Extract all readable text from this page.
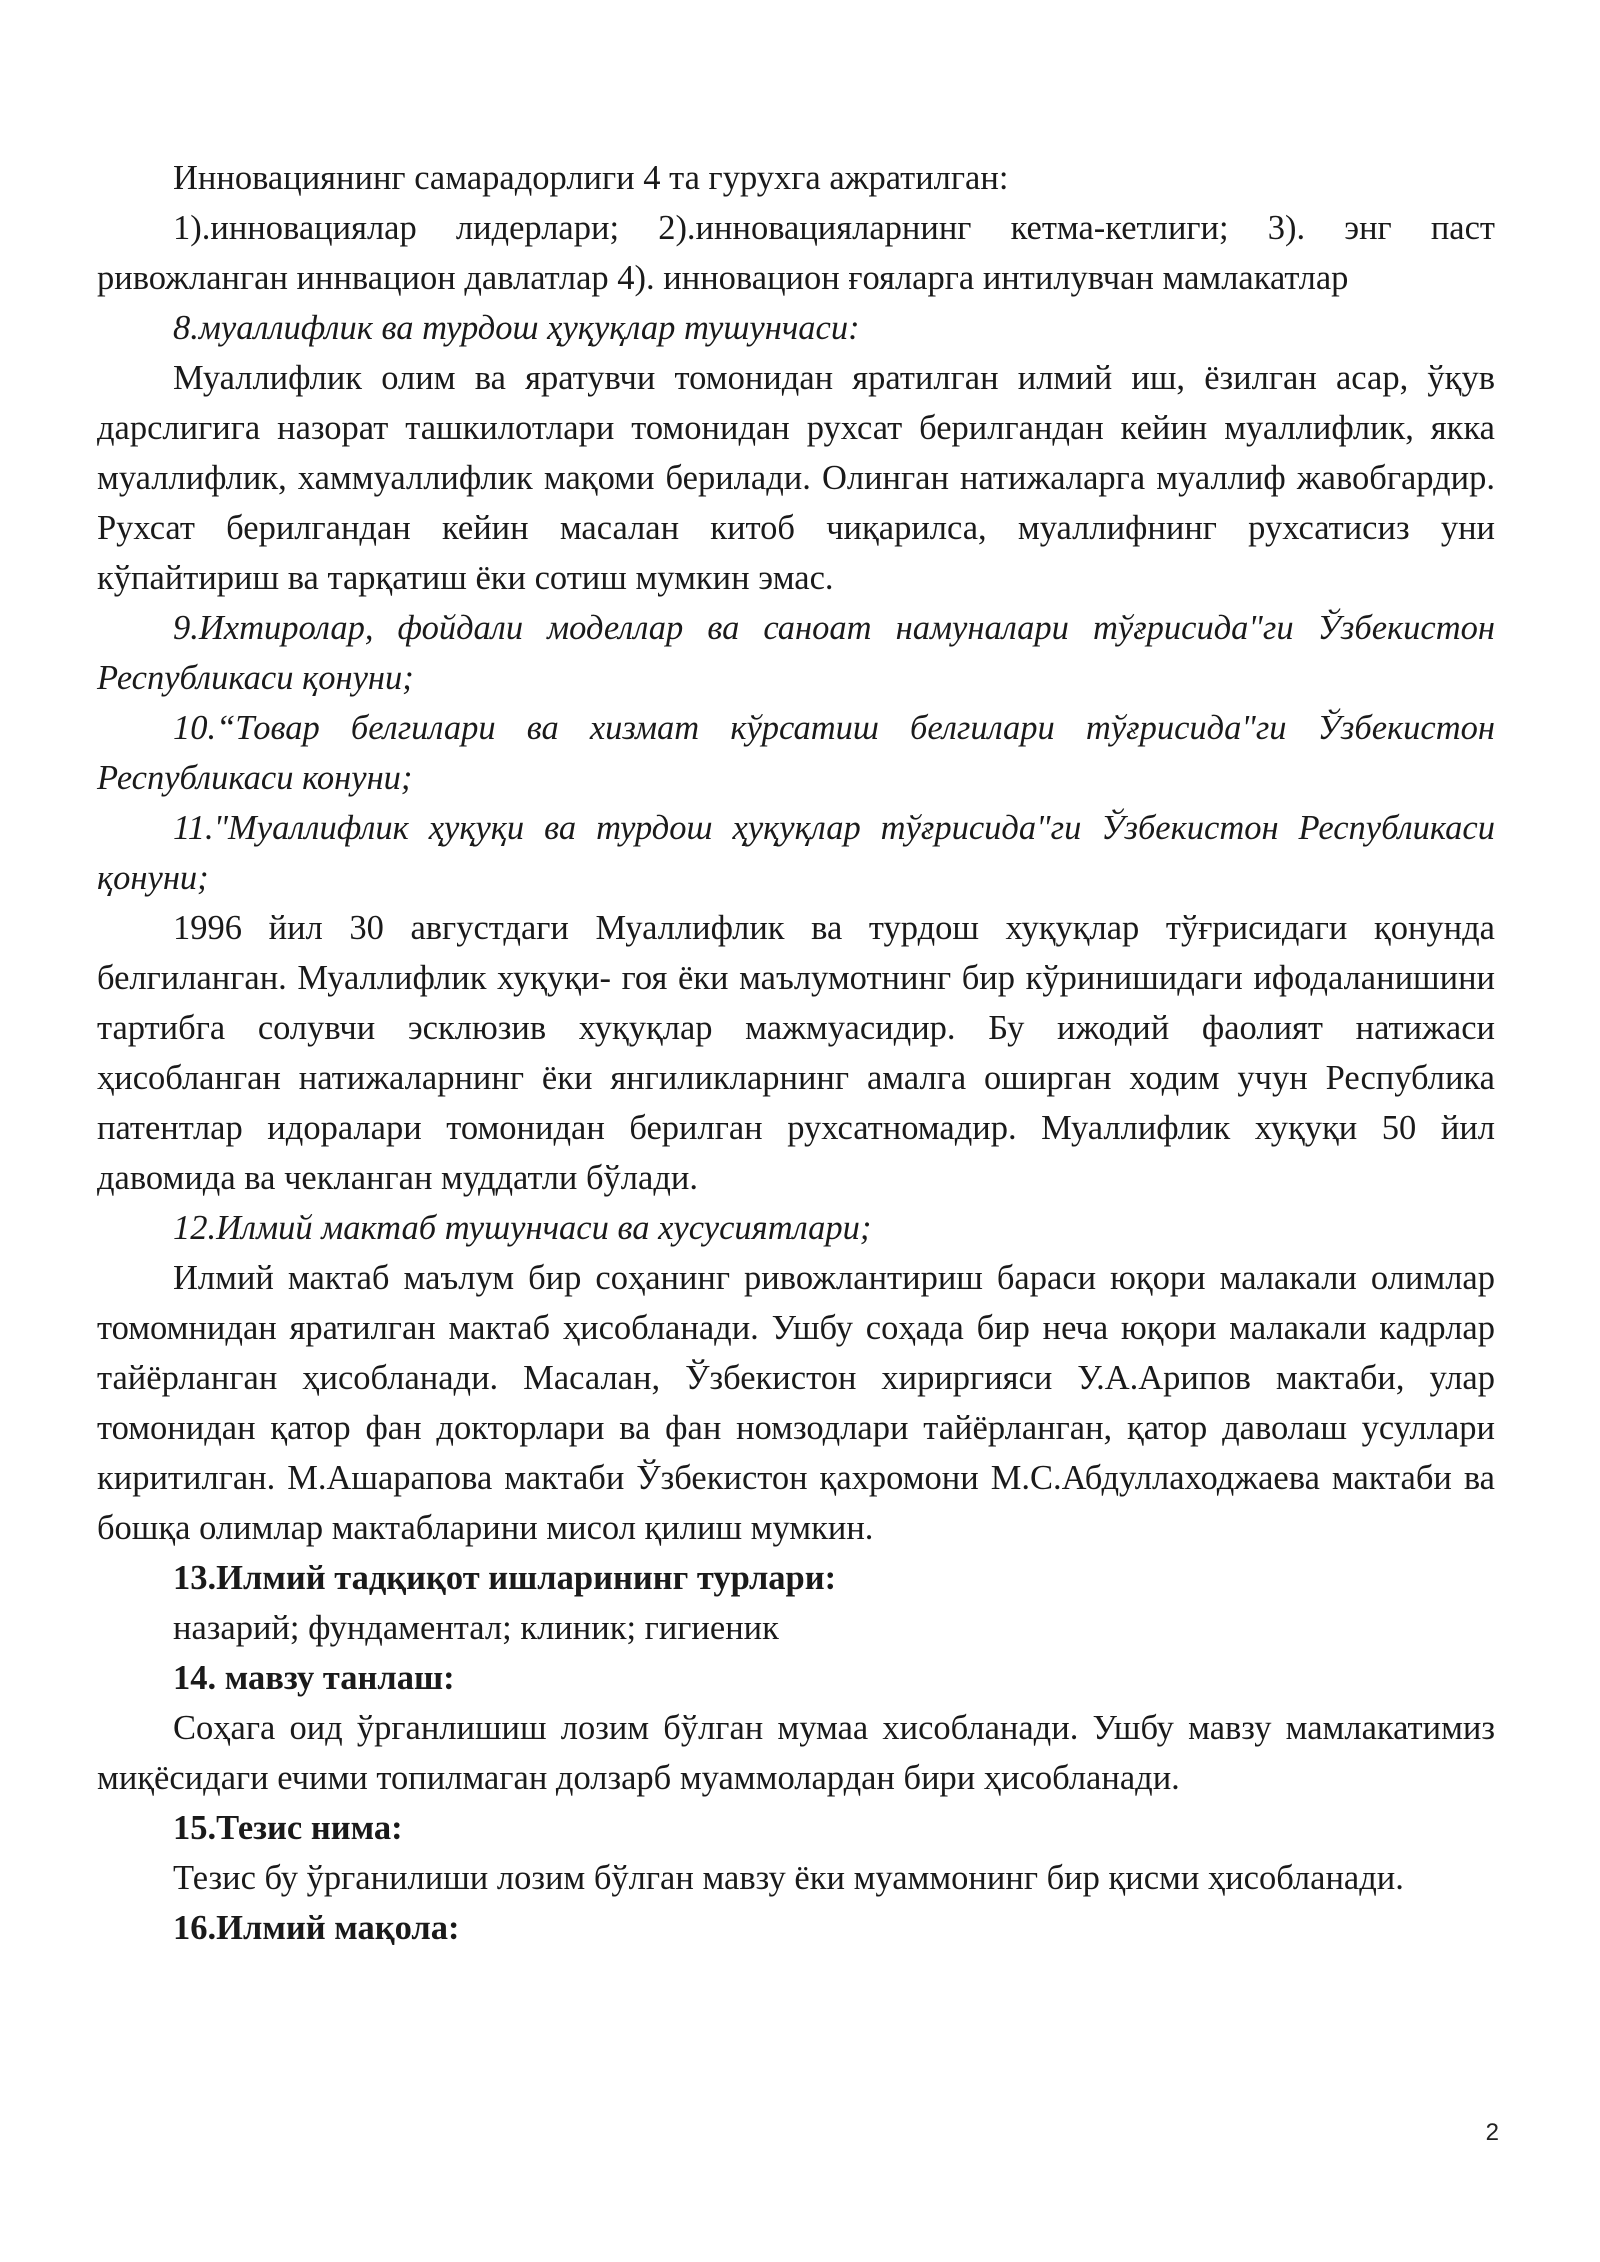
Инновациянинг самарадорлиги 4 та гурухга ажратилган:

1).инновациялар лидерлари; 2).инновацияларнинг кетма-кетлиги; 3). энг паст ривожланган иннвацион давлатлар 4). инновацион ғояларга интилувчан мамлакатлар

8.муаллифлик ва турдош ҳуқуқлар тушунчаси:

Муаллифлик олим ва яратувчи томонидан яратилган илмий иш, ёзилган асар, ўқув дарслигига назорат ташкилотлари томонидан рухсат берилгандан кейин муаллифлик, якка муаллифлик, хаммуаллифлик мақоми берилади. Олинган натижаларга муаллиф жавобгардир. Рухсат берилгандан кейин масалан китоб чиқарилса, муаллифнинг рухсатисиз уни кўпайтириш ва тарқатиш ёки сотиш мумкин эмас.

9.Ихтиролар, фойдали моделлар ва саноат намуналари тўғрисида"ги Ўзбекистон Республикаси қонуни;

10.“Товар белгилари ва хизмат кўрсатиш белгилари тўғрисида"ги Ўзбекистон Республикаси конуни;

11."Муаллифлик ҳуқуқи ва турдош ҳуқуқлар тўғрисида"ги Ўзбекистон Республикаси қонуни;

1996 йил 30 августдаги Муаллифлик ва турдош хуқуқлар тўғрисидаги қонунда белгиланган. Муаллифлик хуқуқи- гоя ёки маълумотнинг бир кўринишидаги ифодаланишини тартибга солувчи эсклюзив хуқуқлар мажмуасидир. Бу ижодий фаолият натижаси ҳисобланган натижаларнинг ёки янгиликларнинг амалга оширган ходим учун Республика патентлар идоралари томонидан берилган рухсатномадир. Муаллифлик хуқуқи 50 йил давомида ва чекланган муддатли бўлади.

12.Илмий мактаб тушунчаси ва хусусиятлари;

Илмий мактаб маълум бир соҳанинг ривожлантириш бараси юқори малакали олимлар томомнидан яратилган мактаб ҳисобланади. Ушбу соҳада бир неча юқори малакали кадрлар тайёрланган ҳисобланади. Масалан, Ўзбекистон хириргияси У.А.Арипов мактаби, улар томонидан қатор фан докторлари ва фан номзодлари тайёрланган, қатор даволаш усуллари киритилган. М.Ашарапова мактаби Ўзбекистон қахромони М.С.Абдуллаходжаева мактаби ва бошқа олимлар мактабларини мисол қилиш мумкин.

13.Илмий тадқиқот ишларининг турлари:

назарий; фундаментал; клиник; гигиеник

14. мавзу танлаш:

Соҳага оид ўрганлишиш лозим бўлган мумаа хисобланади. Ушбу мавзу мамлакатимиз миқёсидаги ечими топилмаган долзарб муаммолардан бири ҳисобланади.

15.Тезис нима:

Тезис бу ўрганилиши лозим бўлган мавзу ёки муаммонинг бир қисми ҳисобланади.

16.Илмий мақола:

2
